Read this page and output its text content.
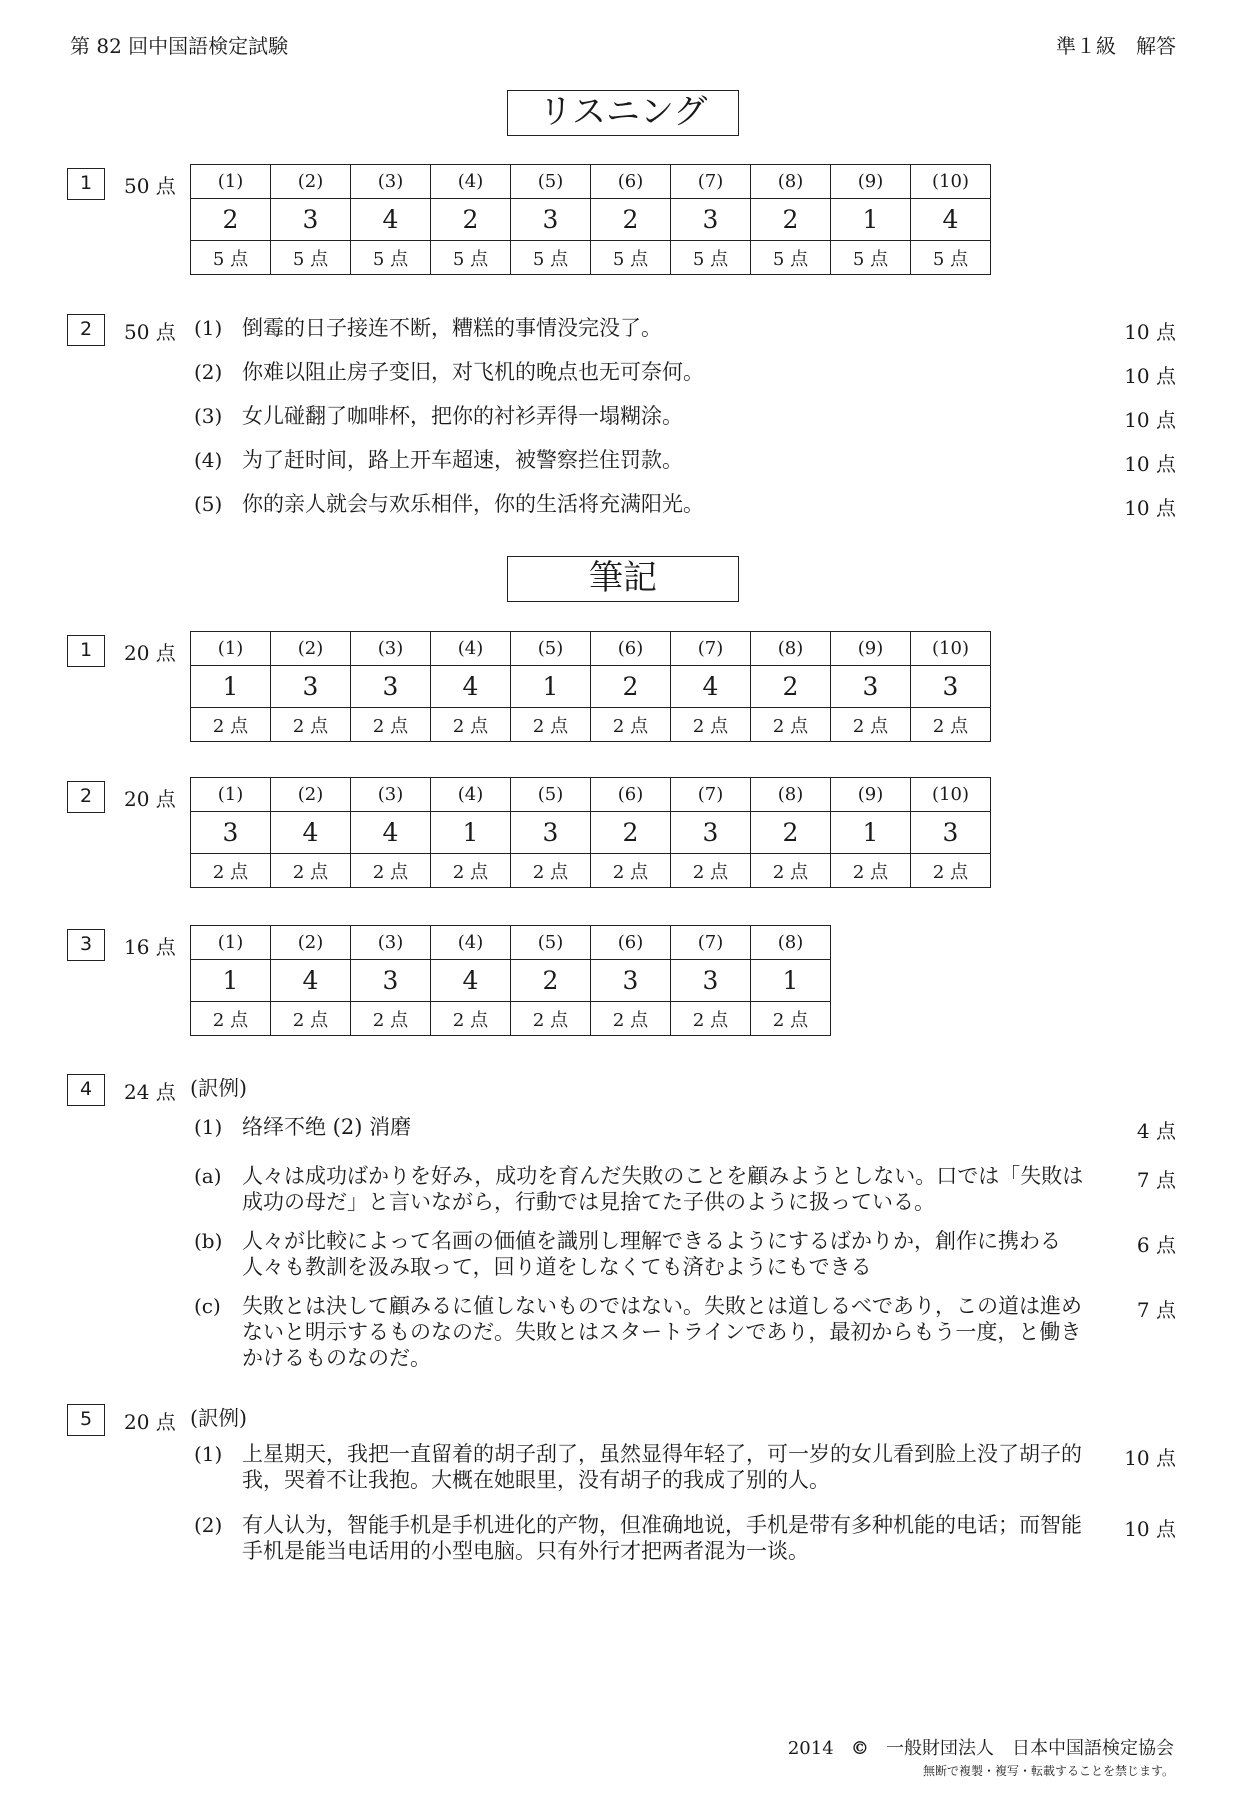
第 82 回中国語検定試験	準１級　解答
リスニング
1	50 点 (1)	(2)	(3)	(4)	(5)	(6)	(7)	(8)	(9)	(10)
2	3	4	2	3	2	3	2	1	4
5 点	5 点	5 点	5 点	5 点	5 点	5 点	5 点	5 点	5 点
2	50 点 (1) 倒霉的日子接连不断，糟糕的事情没完没了。	10 点
(2) 你难以阻止房子变旧，对飞机的晚点也无可奈何。	10 点
(3) 女儿碰翻了咖啡杯，把你的衬衫弄得一塌糊涂。	10 点
(4) 为了赶时间，路上开车超速，被警察拦住罚款。	10 点
(5) 你的亲人就会与欢乐相伴，你的生活将充满阳光。	10 点
筆記
1	20 点 (1)	(2)	(3)	(4)	(5)	(6)	(7)	(8)	(9)	(10)
1	3	3	4	1	2	4	2	3	3
2 点	2 点	2 点	2 点	2 点	2 点	2 点	2 点	2 点	2 点
2	20 点 (1)	(2)	(3)	(4)	(5)	(6)	(7)	(8)	(9)	(10)
3	4	4	1	3	2	3	2	1	3
2 点	2 点	2 点	2 点	2 点	2 点	2 点	2 点	2 点	2 点
3	16 点 (1)	(2)	(3)	(4)	(5)	(6)	(7)	(8)
1	4	3	4	2	3	3	1
2 点	2 点	2 点	2 点	2 点	2 点	2 点	2 点
4	24 点 (訳例)
(1) 络绎不绝 (2) 消磨	4 点
(a) 人々は成功ばかりを好み，成功を育んだ失敗のことを顧みようとしない。口では「失敗は成功の母だ」と言いながら，行動では見捨てた子供のように扱っている。
7 点
(b) 人々が比較によって名画の価値を識別し理解できるようにするばかりか，創作に携わる人々も教訓を汲み取って，回り道をしなくても済むようにもできる
6 点
(c) 失敗とは決して顧みるに値しないものではない。失敗とは道しるべであり，この道は進めないと明示するものなのだ。失敗とはスタートラインであり，最初からもう一度，と働きかけるものなのだ。
7 点
5	20 点 (訳例)
(1) 上星期天，我把一直留着的胡子刮了，虽然显得年轻了，可一岁的女儿看到脸上没了胡子的我，哭着不让我抱。大概在她眼里，没有胡子的我成了别的人。
10 点
(2) 有人认为，智能手机是手机进化的产物，但准确地说，手机是带有多种机能的电话；而智能手机是能当电话用的小型电脑。只有外行才把两者混为一谈。
10 点
2014 © 一般財団法人　日本中国語検定協会
無断で複製・複写・転載することを禁じます。
